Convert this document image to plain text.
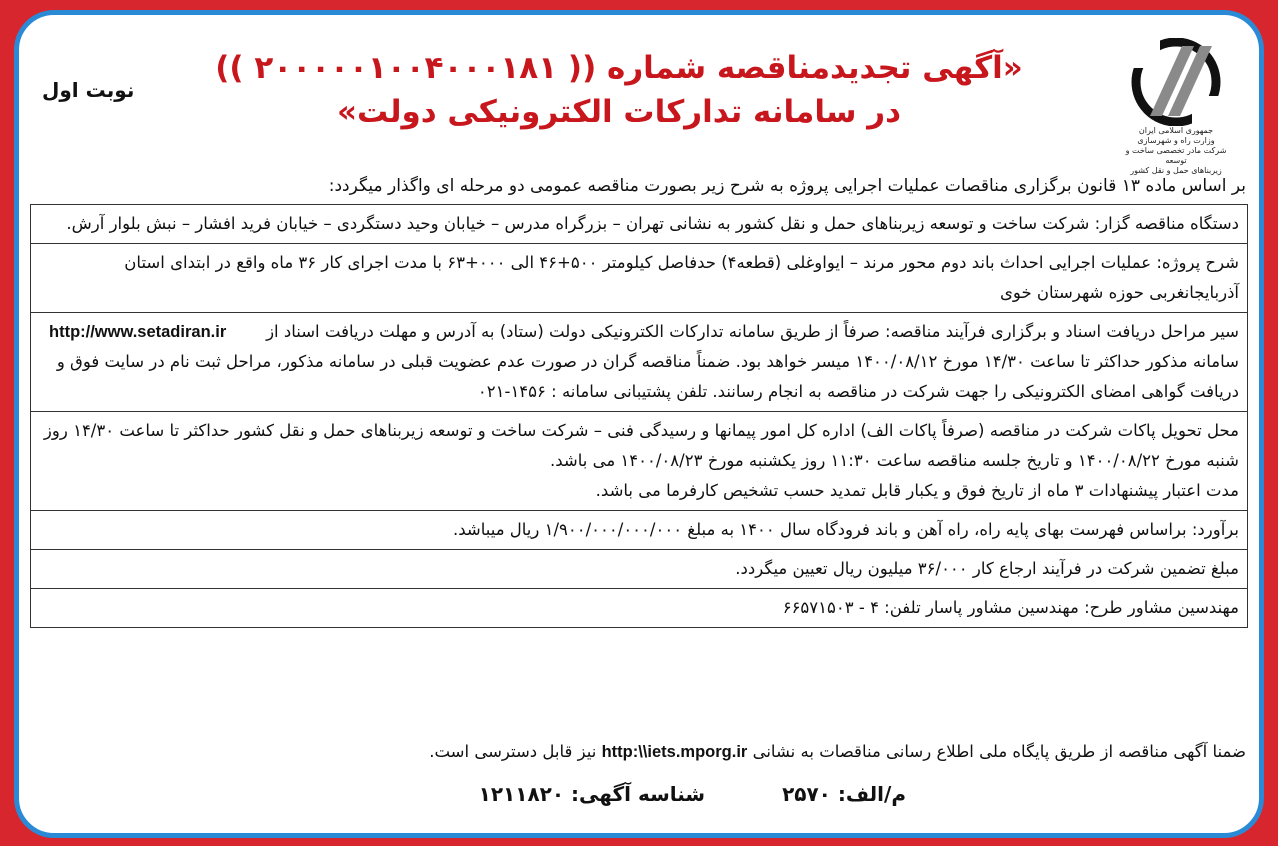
جمهوری اسلامی ایران
وزارت راه و شهرسازی
شرکت مادر تخصصی ساخت و توسعه
زیربناهای حمل و نقل کشور
«آگهی تجدیدمناقصه شماره (( ۲۰۰۰۰۰۱۰۰۴۰۰۰۱۸۱ ))
در سامانه تدارکات الکترونیکی دولت»
نوبت اول
بر اساس ماده ۱۳ قانون برگزاری مناقصات عملیات اجرایی پروژه به شرح زیر بصورت مناقصه عمومی دو مرحله ای واگذار میگردد:
دستگاه مناقصه گزار: شرکت ساخت و توسعه زیربناهای حمل و نقل کشور به نشانی تهران – بزرگراه مدرس – خیابان وحید دستگردی – خیابان فرید افشار – نبش بلوار آرش.
شرح پروژه: عملیات اجرایی احداث باند دوم محور مرند – ایواوغلی (قطعه۴) حدفاصل کیلومتر ۵۰۰+۴۶ الی ۰۰۰+۶۳ با مدت اجرای کار ۳۶ ماه واقع در ابتدای استان آذربایجانغربی حوزه شهرستان خوی
http://www.setadiran.ir	سیر مراحل دریافت اسناد و برگزاری فرآیند مناقصه: صرفاً از طریق سامانه تدارکات الکترونیکی دولت (ستاد) به آدرس و مهلت دریافت اسناد از سامانه مذکور حداکثر تا ساعت ۱۴/۳۰ مورخ ۱۴۰۰/۰۸/۱۲ میسر خواهد بود. ضمناً مناقصه گران در صورت عدم عضویت قبلی در سامانه مذکور، مراحل ثبت نام در سایت فوق و دریافت گواهی امضای الکترونیکی را جهت شرکت در مناقصه به انجام رسانند. تلفن پشتیبانی سامانه : ۱۴۵۶-۰۲۱
محل تحویل پاکات شرکت در مناقصه (صرفاً پاکات الف) اداره کل امور پیمانها و رسیدگی فنی – شرکت ساخت و توسعه زیربناهای حمل و نقل کشور حداکثر تا ساعت ۱۴/۳۰ روز شنبه مورخ ۱۴۰۰/۰۸/۲۲ و تاریخ جلسه مناقصه ساعت ۱۱:۳۰ روز یکشنبه مورخ ۱۴۰۰/۰۸/۲۳ می باشد.
مدت اعتبار پیشنهادات ۳ ماه از تاریخ فوق و یکبار قابل تمدید حسب تشخیص کارفرما می باشد.
برآورد: براساس فهرست بهای پایه راه، راه آهن و باند فرودگاه سال ۱۴۰۰ به مبلغ ۱/۹۰۰/۰۰۰/۰۰۰/۰۰۰ ریال میباشد.
مبلغ تضمین شرکت در فرآیند ارجاع کار ۳۶/۰۰۰ میلیون ریال تعیین میگردد.
مهندسین مشاور طرح: مهندسین مشاور پاسار تلفن: ۴ - ۶۶۵۷۱۵۰۳
ضمنا آگهی مناقصه از طریق پایگاه ملی اطلاع رسانی مناقصات به نشانی http:\\iets.mporg.ir نیز قابل دسترسی است.
م/الف: ۲۵۷۰ شناسه آگهی: ۱۲۱۱۸۲۰
